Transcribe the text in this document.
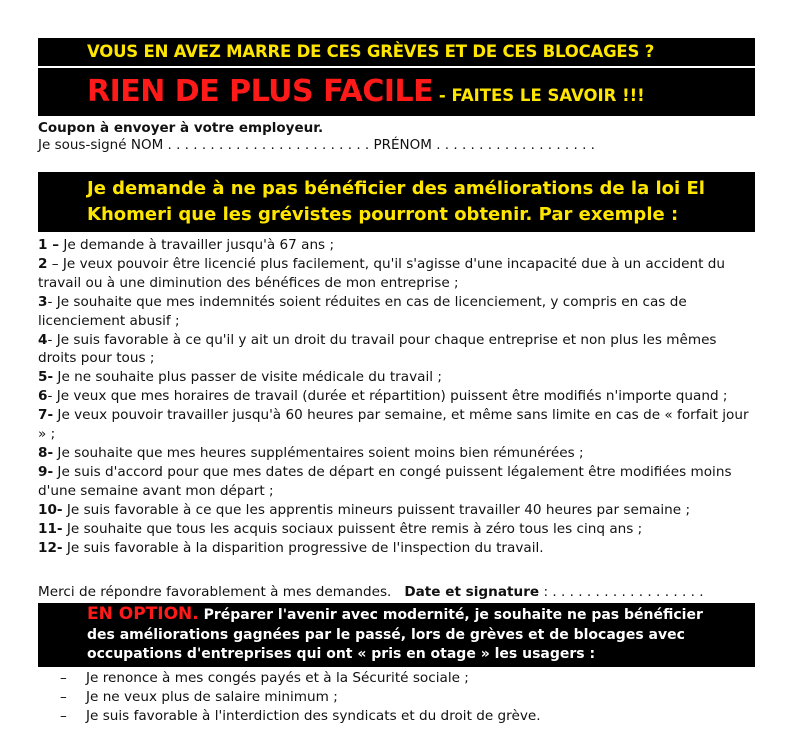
VOUS EN AVEZ MARRE DE CES GRÈVES ET DE CES BLOCAGES ?
RIEN DE PLUS FACILE - FAITES LE SAVOIR !!!
Coupon à envoyer à votre employeur.
Je sous-signé NOM . . . . . . . . . . . . . . . . . . . . . . . . PRÉNOM . . . . . . . . . . . . . . . . . . .
Je demande à ne pas bénéficier des améliorations de la loi El
Khomeri que les grévistes pourront obtenir. Par exemple :
1 – Je demande à travailler jusqu'à 67 ans ;
2 – Je veux pouvoir être licencié plus facilement, qu'il s'agisse d'une incapacité due à un accident du travail ou à une diminution des bénéfices de mon entreprise ;
3- Je souhaite que mes indemnités soient réduites en cas de licenciement, y compris en cas de licenciement abusif ;
4- Je suis favorable à ce qu'il y ait un droit du travail pour chaque entreprise et non plus les mêmes droits pour tous ;
5- Je ne souhaite plus passer de visite médicale du travail ;
6- Je veux que mes horaires de travail (durée et répartition) puissent être modifiés n'importe quand ;
7- Je veux pouvoir travailler jusqu'à 60 heures par semaine, et même sans limite en cas de « forfait jour » ;
8- Je souhaite que mes heures supplémentaires soient moins bien rémunérées ;
9- Je suis d'accord pour que mes dates de départ en congé puissent légalement être modifiées moins d'une semaine avant mon départ ;
10- Je suis favorable à ce que les apprentis mineurs puissent travailler 40 heures par semaine ;
11- Je souhaite que tous les acquis sociaux puissent être remis à zéro tous les cinq ans ;
12- Je suis favorable à la disparition progressive de l'inspection du travail.
Merci de répondre favorablement à mes demandes. Date et signature : . . . . . . . . . . . . . . . . . .
EN OPTION. Préparer l'avenir avec modernité, je souhaite ne pas bénéficier des améliorations gagnées par le passé, lors de grèves et de blocages avec occupations d'entreprises qui ont « pris en otage » les usagers :
– Je renonce à mes congés payés et à la Sécurité sociale ;
– Je ne veux plus de salaire minimum ;
– Je suis favorable à l'interdiction des syndicats et du droit de grève.
